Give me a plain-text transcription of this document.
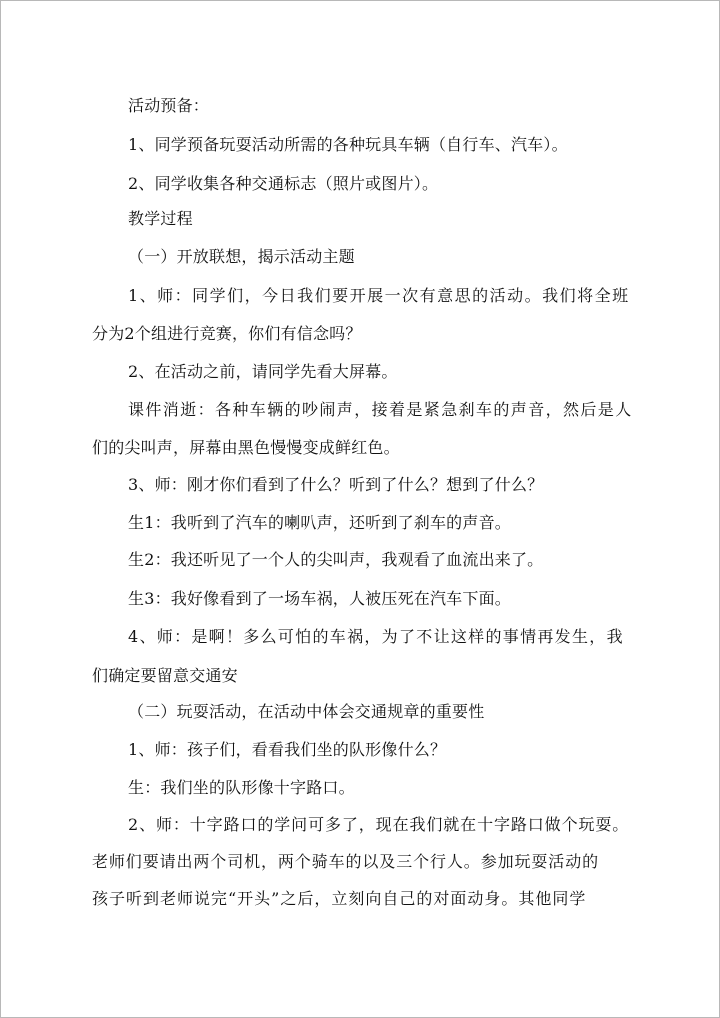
活动预备：
1、同学预备玩耍活动所需的各种玩具车辆（自行车、汽车）。
2、同学收集各种交通标志（照片或图片）。
教学过程
（一）开放联想，揭示活动主题
1、师：同学们，今日我们要开展一次有意思的活动。我们将全班
分为2个组进行竞赛，你们有信念吗？
2、在活动之前，请同学先看大屏幕。
课件消逝：各种车辆的吵闹声，接着是紧急刹车的声音，然后是人
们的尖叫声，屏幕由黑色慢慢变成鲜红色。
3、师：刚才你们看到了什么？听到了什么？想到了什么？
生1：我听到了汽车的喇叭声，还听到了刹车的声音。
生2：我还听见了一个人的尖叫声，我观看了血流出来了。
生3：我好像看到了一场车祸，人被压死在汽车下面。
4、师：是啊！多么可怕的车祸，为了不让这样的事情再发生，我
们确定要留意交通安
（二）玩耍活动，在活动中体会交通规章的重要性
1、师：孩子们，看看我们坐的队形像什么？
生：我们坐的队形像十字路口。
2、师：十字路口的学问可多了，现在我们就在十字路口做个玩耍。
老师们要请出两个司机，两个骑车的以及三个行人。参加玩耍活动的
孩子听到老师说完“开头”之后，立刻向自己的对面动身。其他同学
